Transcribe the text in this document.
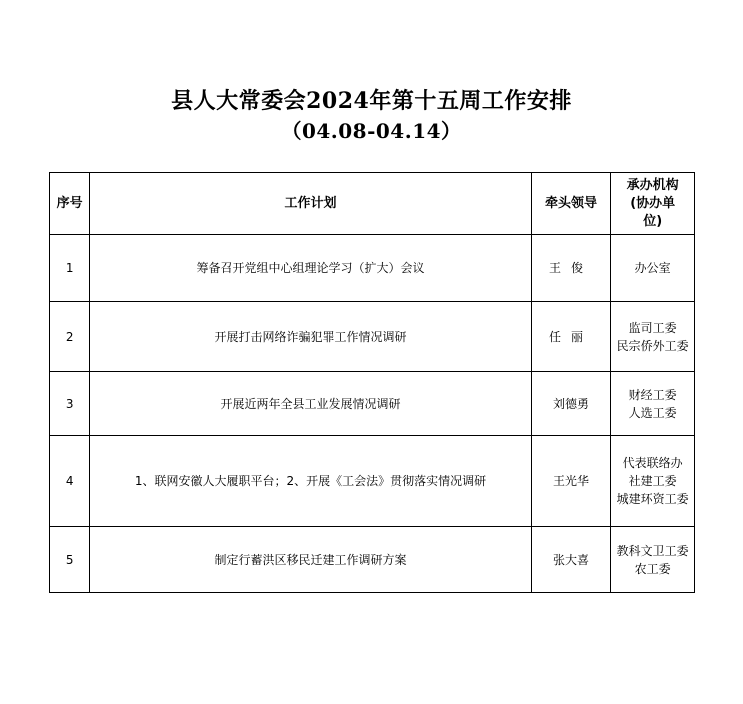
县人大常委会2024年第十五周工作安排
（04.08-04.14）
序号	工作计划	牵头领导	承办机构
(协办单
位)

1	筹备召开党组中心组理论学习（扩大）会议	王俊	办公室

2	开展打击网络诈骗犯罪工作情况调研	任丽	监司工委
民宗侨外工委

3	开展近两年全县工业发展情况调研	刘德勇	财经工委
人选工委

4	1、联网安徽人大履职平台；2、开展《工会法》贯彻落实情况调研	王光华	代表联络办
社建工委
城建环资工委

5	制定行蓄洪区移民迁建工作调研方案	张大喜	教科文卫工委
农工委
